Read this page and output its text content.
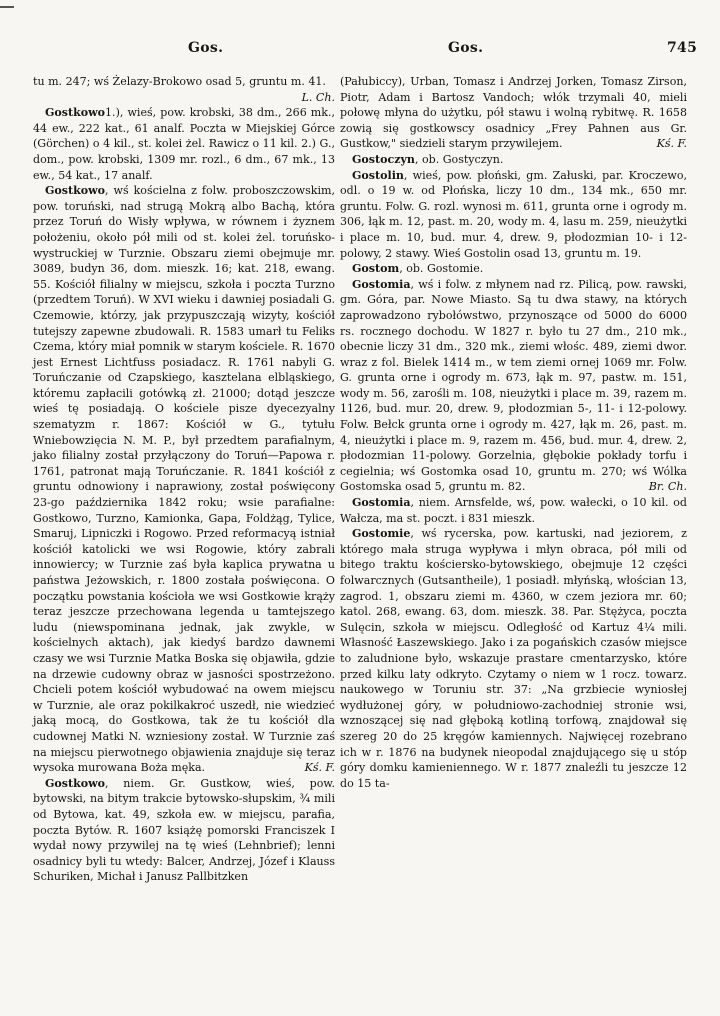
Gos.	Gos.	745
tu m. 247; wś Żelazy-Brokowo osad 5, gruntu m. 41.
L. Ch.
Gostkowo1.), wieś, pow. krobski, 38 dm., 266 mk., 44 ew., 222 kat., 61 analf. Poczta w Miejskiej Górce (Görchen) o 4 kil., st. kolei żel. Rawicz o 11 kil. 2.) G., dom., pow. krobski, 1309 mr. rozl., 6 dm., 67 mk., 13 ew., 54 kat., 17 analf.
Gostkowo, wś kościelna z folw. proboszczowskim, pow. toruński, nad strugą Mokrą albo Bachą, która przez Toruń do Wisły wpływa, w równem i żyznem położeniu, około pół mili od st. kolei żel. toruńsko-wystruckiej w Turznie. Obszaru ziemi obejmuje mr. 3089, budyn 36, dom. mieszk. 16; kat. 218, ewang. 55. Kościół filialny w miejscu, szkoła i poczta Turzno (przedtem Toruń). W XVI wieku i dawniej posiadali G. Czemowie, którzy, jak przypuszczają wizyty, kościół tutejszy zapewne zbudowali. R. 1583 umarł tu Feliks Czema, który miał pomnik w starym kościele. R. 1670 jest Ernest Lichtfuss posiadacz. R. 1761 nabyli G. Toruńczanie od Czapskiego, kasztelana elbląskiego, któremu zapłacili gotówką zł. 21000; dotąd jeszcze wieś tę posiadają. O kościele pisze dyecezyalny szematyzm r. 1867: Kościół w G., tytułu Wniebowzięcia N. M. P., był przedtem parafialnym, jako filialny został przyłączony do Toruń—Papowa r. 1761, patronat mają Toruńczanie. R. 1841 kościół z gruntu odnowiony i naprawiony, został poświęcony 23-go października 1842 roku; wsie parafialne: Gostkowo, Turzno, Kamionka, Gapa, Foldżąg, Tylice, Smaruj, Lipniczki i Rogowo. Przed reformacyą istniał kościół katolicki we wsi Rogowie, który zabrali innowiercy; w Turznie zaś była kaplica prywatna u państwa Jeżowskich, r. 1800 została poświęcona. O początku powstania kościoła we wsi Gostkowie krąży teraz jeszcze przechowana legenda u tamtejszego ludu (niewspominana jednak, jak zwykle, w kościelnych aktach), jak kiedyś bardzo dawnemi czasy we wsi Turznie Matka Boska się objawiła, gdzie na drzewie cudowny obraz w jasności spostrzeżono. Chcieli potem kościół wybudować na owem miejscu w Turznie, ale oraz pokilkakroć uszedł, nie wiedzieć jaką mocą, do Gostkowa, tak że tu kościół dla cudownej Matki N. wzniesiony został. W Turznie zaś na miejscu pierwotnego objawienia znajduje się teraz wysoka murowana Boża męka.	Kś. F.
Gostkowo, niem. Gr. Gustkow, wieś, pow. bytowski, na bitym trakcie bytowsko-słupskim, ¾ mili od Bytowa, kat. 49, szkoła ew. w miejscu, parafia, poczta Bytów. R. 1607 książę pomorski Franciszek I wydał nowy przywilej na tę wieś (Lehnbrief); lenni osadnicy byli tu wtedy: Balcer, Andrzej, Józef i Klauss Schuriken, Michał i Janusz Pallbitzken
(Pałubiccy), Urban, Tomasz i Andrzej Jorken, Tomasz Zirson, Piotr, Adam i Bartosz Vandoch; włók trzymali 40, mieli połowę młyna do użytku, pół stawu i wolną rybitwę. R. 1658 zowią się gostkowscy osadnicy „Frey Pahnen aus Gr. Gustkow," siedzieli starym przywilejem.	Kś. F.
Gostoczyn, ob. Gostyczyn.
Gostolin, wieś, pow. płoński, gm. Załuski, par. Kroczewo, odl. o 19 w. od Płońska, liczy 10 dm., 134 mk., 650 mr. gruntu. Folw. G. rozl. wynosi m. 611, grunta orne i ogrody m. 306, łąk m. 12, past. m. 20, wody m. 4, lasu m. 259, nieużytki i place m. 10, bud. mur. 4, drew. 9, płodozmian 10- i 12-polowy, 2 stawy. Wieś Gostolin osad 13, gruntu m. 19.
Gostom, ob. Gostomie.
Gostomia, wś i folw. z młynem nad rz. Pilicą, pow. rawski, gm. Góra, par. Nowe Miasto. Są tu dwa stawy, na których zaprowadzono rybołówstwo, przynoszące od 5000 do 6000 rs. rocznego dochodu. W 1827 r. było tu 27 dm., 210 mk., obecnie liczy 31 dm., 320 mk., ziemi włośc. 489, ziemi dwor. wraz z fol. Bielek 1414 m., w tem ziemi ornej 1069 mr. Folw. G. grunta orne i ogrody m. 673, łąk m. 97, pastw. m. 151, wody m. 56, zarośli m. 108, nieużytki i place m. 39, razem m. 1126, bud. mur. 20, drew. 9, płodozmian 5-, 11- i 12-polowy. Folw. Bełck grunta orne i ogrody m. 427, łąk m. 26, past. m. 4, nieużytki i place m. 9, razem m. 456, bud. mur. 4, drew. 2, płodozmian 11-polowy. Gorzelnia, głębokie pokłady torfu i cegielnia; wś Gostomka osad 10, gruntu m. 270; wś Wólka Gostomska osad 5, gruntu m. 82.	Br. Ch.
Gostomia, niem. Arnsfelde, wś, pow. wałecki, o 10 kil. od Wałcza, ma st. poczt. i 831 mieszk.
Gostomie, wś rycerska, pow. kartuski, nad jeziorem, z którego mała struga wypływa i młyn obraca, pół mili od bitego traktu kościersko-bytowskiego, obejmuje 12 części folwarcznych (Gutsantheile), 1 posiadł. młyńską, włościan 13, zagrod. 1, obszaru ziemi m. 4360, w czem jeziora mr. 60; katol. 268, ewang. 63, dom. mieszk. 38. Par. Stężyca, poczta Sulęcin, szkoła w miejscu. Odległość od Kartuz 4¼ mili. Własność Łaszewskiego. Jako i za pogańskich czasów miejsce to zaludnione było, wskazuje prastare cmentarzysko, które przed kilku laty odkryto. Czytamy o niem w 1 rocz. towarz. naukowego w Toruniu str. 37: „Na grzbiecie wyniosłej wydłużonej góry, w południowo-zachodniej stronie wsi, wznoszącej się nad głęboką kotliną torfową, znajdował się szereg 20 do 25 kręgów kamiennych. Najwięcej rozebrano ich w r. 1876 na budynek nieopodal znajdującego się u stóp góry domku kamieniennego. W r. 1877 znaleźli tu jeszcze 12 do 15 ta-
